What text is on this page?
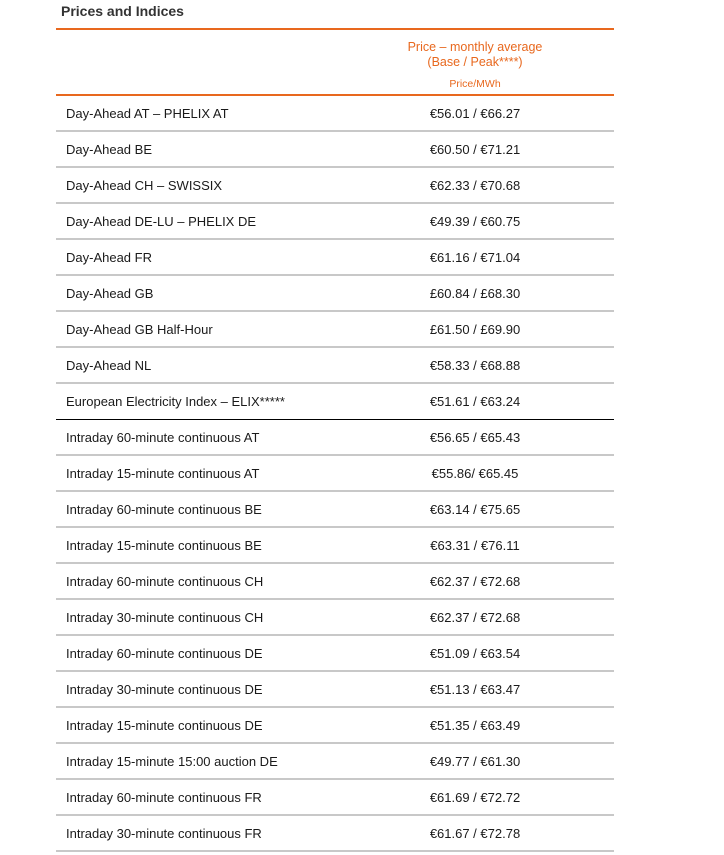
Prices and Indices
Price – monthly average
(Base / Peak****)
Price/MWh
Day-Ahead AT – PHELIX AT	€56.01 / €66.27
Day-Ahead BE	€60.50 / €71.21
Day-Ahead CH – SWISSIX	€62.33 / €70.68
Day-Ahead DE-LU – PHELIX DE	€49.39 / €60.75
Day-Ahead FR	€61.16 / €71.04
Day-Ahead GB	£60.84 / £68.30
Day-Ahead GB Half-Hour	£61.50 / £69.90
Day-Ahead NL	€58.33 / €68.88
European Electricity Index – ELIX*****	€51.61 / €63.24
Intraday 60-minute continuous AT	€56.65 / €65.43
Intraday 15-minute continuous AT	€55.86/ €65.45
Intraday 60-minute continuous BE	€63.14 / €75.65
Intraday 15-minute continuous BE	€63.31 / €76.11
Intraday 60-minute continuous CH	€62.37 / €72.68
Intraday 30-minute continuous CH	€62.37 / €72.68
Intraday 60-minute continuous DE	€51.09 / €63.54
Intraday 30-minute continuous DE	€51.13 / €63.47
Intraday 15-minute continuous DE	€51.35 / €63.49
Intraday 15-minute 15:00 auction DE	€49.77 / €61.30
Intraday 60-minute continuous FR	€61.69 / €72.72
Intraday 30-minute continuous FR	€61.67 / €72.78
